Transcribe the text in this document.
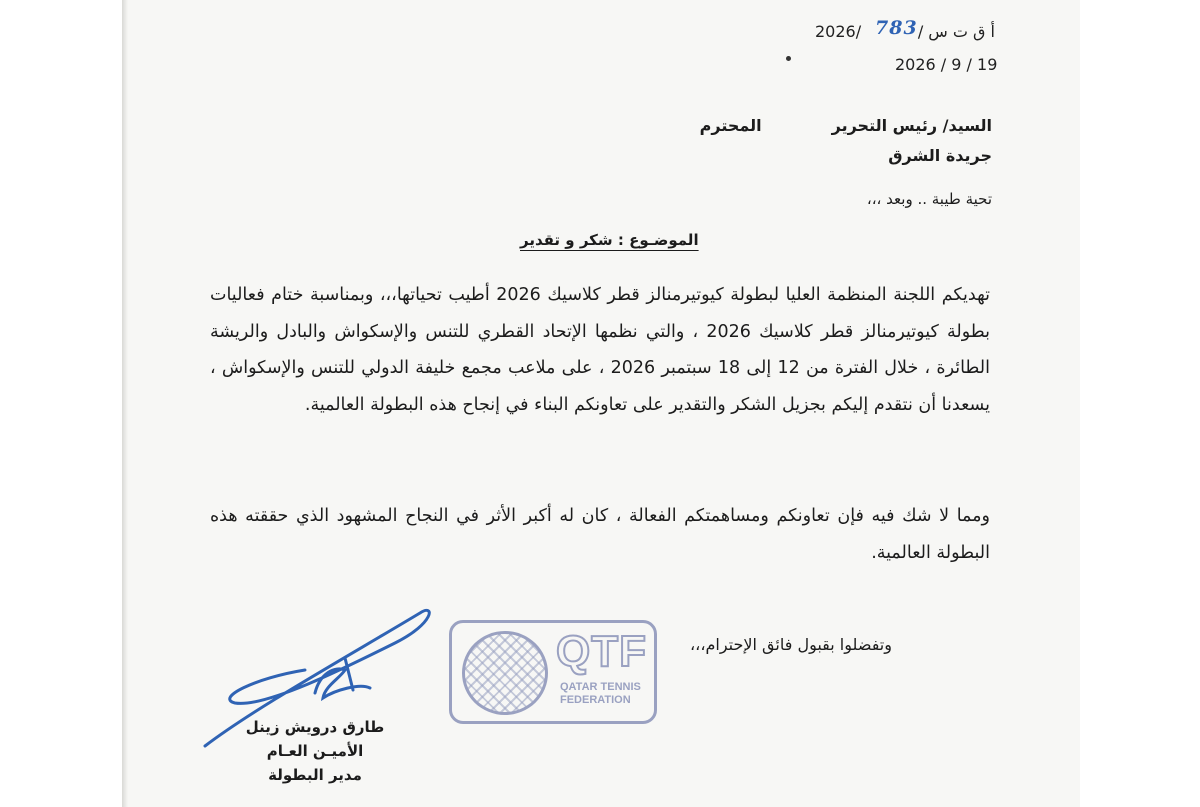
أ ق ت س /
2026/ 783
2026 / 9 / 19
السيد/ رئيس التحريرالمحترم
جريدة الشرق
تحية طيبة .. وبعد ،،،
الموضـوع : شكر و تقدير
تهديكم اللجنة المنظمة العليا لبطولة كيوتيرمنالز قطر كلاسيك 2026 أطيب تحياتها،،، وبمناسبة ختام فعاليات بطولة كيوتيرمنالز قطر كلاسيك 2026 ، والتي نظمها الإتحاد القطري للتنس والإسكواش والبادل والريشة الطائرة ، خلال الفترة من 12 إلى 18 سبتمبر 2026 ، على ملاعب مجمع خليفة الدولي للتنس والإسكواش ، يسعدنا أن نتقدم إليكم بجزيل الشكر والتقدير على تعاونكم البناء في إنجاح هذه البطولة العالمية.
ومما لا شك فيه فإن تعاونكم ومساهمتكم الفعالة ، كان له أكبر الأثر في النجاح المشهود الذي حققته هذه البطولة العالمية.
وتفضلوا بقبول فائق الإحترام،،،
QTF
QATAR TENNIS
FEDERATION
طارق درويش زينل
الأميـن العـام
مدير البطولة
